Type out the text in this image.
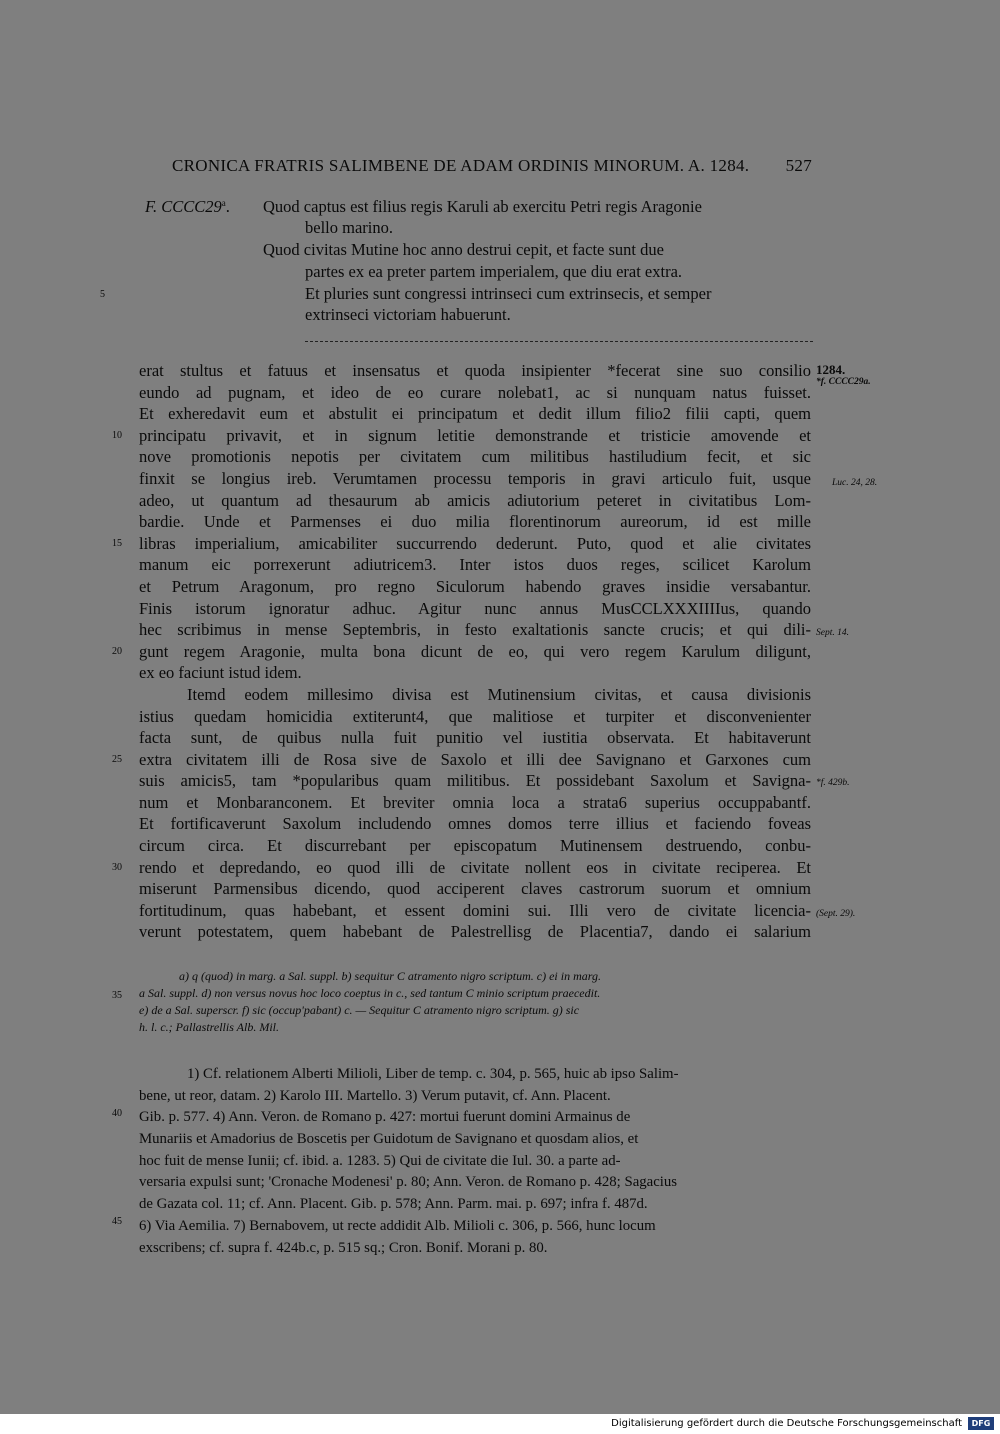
CRONICA FRATRIS SALIMBENE DE ADAM ORDINIS MINORUM. A. 1284. 527
F. CCCC29$^a$. Quod captus est filius regis Karuli ab exercitu Petri regis Aragonie
bello marino.
Quod civitas Mutine hoc anno destrui cepit, et facte sunt due
partes ex ea preter partem imperialem, que diu erat extra.
Et pluries sunt congressi intrinseci cum extrinsecis, et semper
extrinseci victoriam habuerunt.
5
erat stultus et fatuus et insensatus et quoda insipienter *fecerat sine suo consilio
eundo ad pugnam, et ideo de eo curare nolebat1, ac si nunquam natus fuisset.
Et exheredavit eum et abstulit ei principatum et dedit illum filio2 filii capti, quem
principatu privavit, et in signum letitie demonstrande et tristicie amovende et
nove promotionis nepotis per civitatem cum militibus hastiludium fecit, et sic
finxit se longius ireb. Verumtamen processu temporis in gravi articulo fuit, usque
adeo, ut quantum ad thesaurum ab amicis adiutorium peteret in civitatibus Lom-
bardie. Unde et Parmenses ei duo milia florentinorum aureorum, id est mille
libras imperialium, amicabiliter succurrendo dederunt. Puto, quod et alie civitates
manum eic porrexerunt adiutricem3. Inter istos duos reges, scilicet Karolum
et Petrum Aragonum, pro regno Siculorum habendo graves insidie versabantur.
Finis istorum ignoratur adhuc. Agitur nunc annus MusCCLXXXIIIIus, quando
hec scribimus in mense Septembris, in festo exaltationis sancte crucis; et qui dili-
gunt regem Aragonie, multa bona dicunt de eo, qui vero regem Karulum diligunt,
ex eo faciunt istud idem.
Itemd eodem millesimo divisa est Mutinensium civitas, et causa divisionis
istius quedam homicidia extiterunt4, que malitiose et turpiter et disconvenienter
facta sunt, de quibus nulla fuit punitio vel iustitia observata. Et habitaverunt
extra civitatem illi de Rosa sive de Saxolo et illi dee Savignano et Garxones cum
suis amicis5, tam *popularibus quam militibus. Et possidebant Saxolum et Savigna-
num et Monbaranconem. Et breviter omnia loca a strata6 superius occuppabantf.
Et fortificaverunt Saxolum includendo omnes domos terre illius et faciendo foveas
circum circa. Et discurrebant per episcopatum Mutinensem destruendo, conbu-
rendo et depredando, eo quod illi de civitate nollent eos in civitate reciperea. Et
miserunt Parmensibus dicendo, quod acciperent claves castrorum suorum et omnium
fortitudinum, quas habebant, et essent domini sui. Illi vero de civitate licencia-
verunt potestatem, quem habebant de Palestrellisg de Placentia7, dando ei salarium
10
15
20
25
30
1284.
*f. CCCC29a.
Luc. 24, 28.
Sept. 14.
*f. 429b.
(Sept. 29).
a) q (quod) in marg. a Sal. suppl. b) sequitur C atramento nigro scriptum. c) ei in marg.
a Sal. suppl. d) non versus novus hoc loco coeptus in c., sed tantum C minio scriptum praecedit.
e) de a Sal. superscr. f) sic (occup'pabant) c. — Sequitur C atramento nigro scriptum. g) sic
h. l. c.; Pallastrellis Alb. Mil.
35
1) Cf. relationem Alberti Milioli, Liber de temp. c. 304, p. 565, huic ab ipso Salim-
bene, ut reor, datam. 2) Karolo III. Martello. 3) Verum putavit, cf. Ann. Placent.
Gib. p. 577. 4) Ann. Veron. de Romano p. 427: mortui fuerunt domini Armainus de
Munariis et Amadorius de Boscetis per Guidotum de Savignano et quosdam alios, et
hoc fuit de mense Iunii; cf. ibid. a. 1283. 5) Qui de civitate die Iul. 30. a parte ad-
versaria expulsi sunt; 'Cronache Modenesi' p. 80; Ann. Veron. de Romano p. 428; Sagacius
de Gazata col. 11; cf. Ann. Placent. Gib. p. 578; Ann. Parm. mai. p. 697; infra f. 487d.
6) Via Aemilia. 7) Bernabovem, ut recte addidit Alb. Milioli c. 306, p. 566, hunc locum
exscribens; cf. supra f. 424b.c, p. 515 sq.; Cron. Bonif. Morani p. 80.
40
45
Digitalisierung gefördert durch die Deutsche Forschungsgemeinschaft	DFG
